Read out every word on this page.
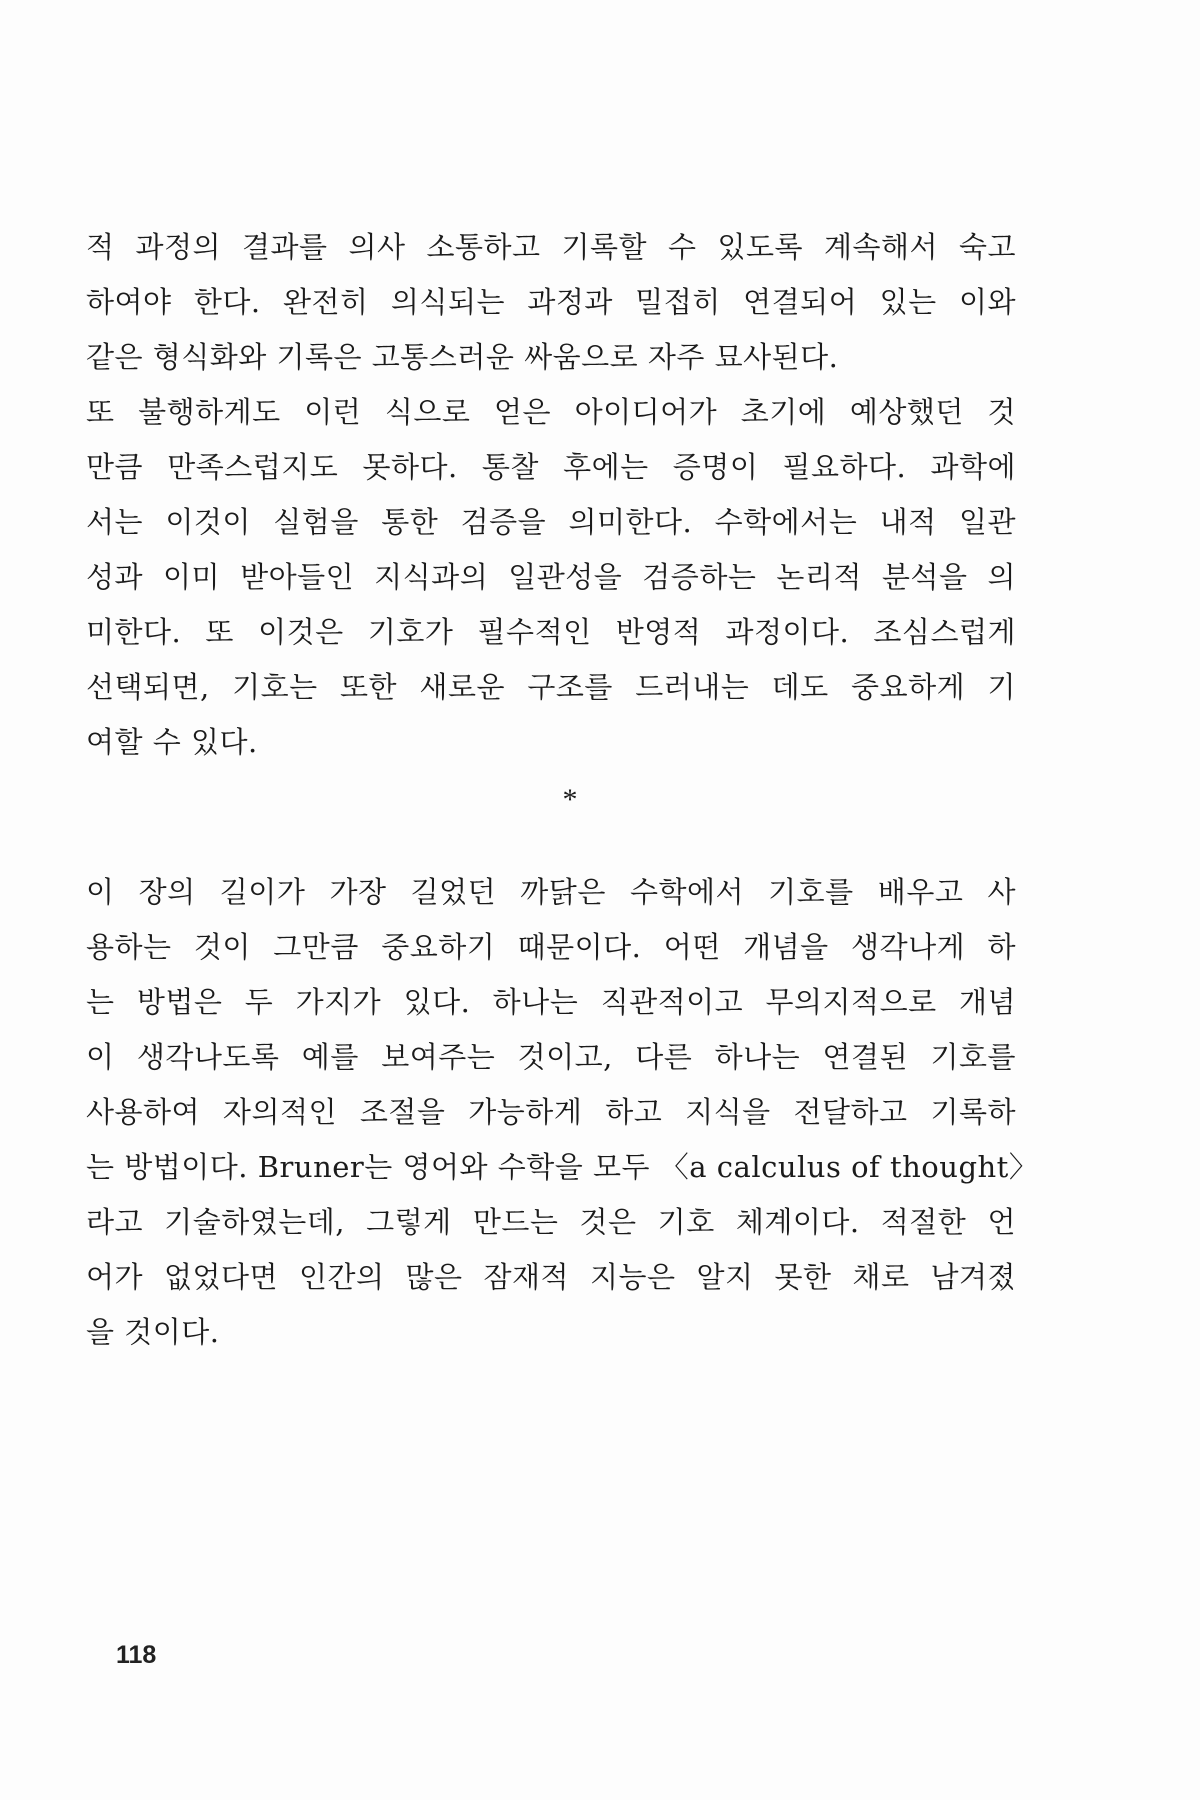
적 과정의 결과를 의사 소통하고 기록할 수 있도록 계속해서 숙고
하여야 한다. 완전히 의식되는 과정과 밀접히 연결되어 있는 이와
같은 형식화와 기록은 고통스러운 싸움으로 자주 묘사된다.
또 불행하게도 이런 식으로 얻은 아이디어가 초기에 예상했던 것
만큼 만족스럽지도 못하다. 통찰 후에는 증명이 필요하다. 과학에
서는 이것이 실험을 통한 검증을 의미한다. 수학에서는 내적 일관
성과 이미 받아들인 지식과의 일관성을 검증하는 논리적 분석을 의
미한다. 또 이것은 기호가 필수적인 반영적 과정이다. 조심스럽게
선택되면, 기호는 또한 새로운 구조를 드러내는 데도 중요하게 기
여할 수 있다.
*
이 장의 길이가 가장 길었던 까닭은 수학에서 기호를 배우고 사
용하는 것이 그만큼 중요하기 때문이다. 어떤 개념을 생각나게 하
는 방법은 두 가지가 있다. 하나는 직관적이고 무의지적으로 개념
이 생각나도록 예를 보여주는 것이고, 다른 하나는 연결된 기호를
사용하여 자의적인 조절을 가능하게 하고 지식을 전달하고 기록하
는 방법이다. Bruner는 영어와 수학을 모두 〈a calculus of thought〉
라고 기술하였는데, 그렇게 만드는 것은 기호 체계이다. 적절한 언
어가 없었다면 인간의 많은 잠재적 지능은 알지 못한 채로 남겨졌
을 것이다.
118
